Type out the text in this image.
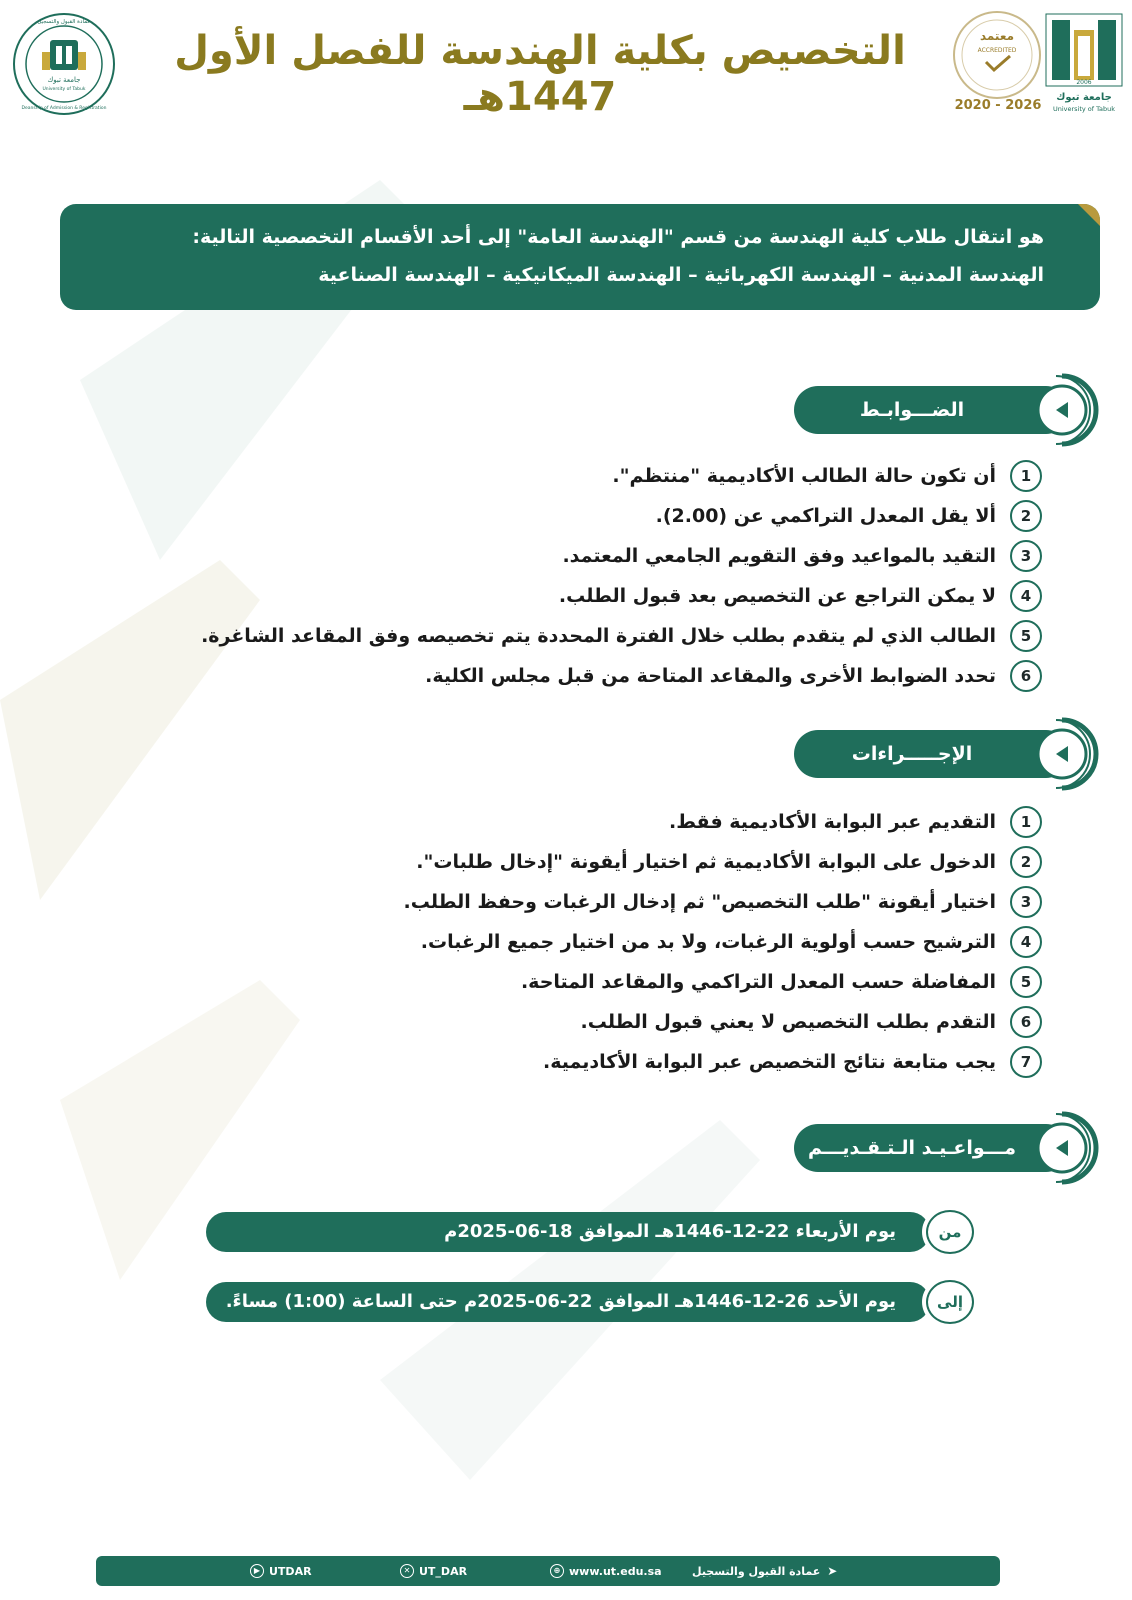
جامعة تبوك
University of Tabuk
عمادة القبول والتسجيل
Deanship of Admission & Registration
التخصيص بكلية الهندسة للفصل الأول 1447هـ
معتمد
ACCREDITED
2020 - 2026
2006
جامعة تبوك
University of Tabuk
هو انتقال طلاب كلية الهندسة من قسم "الهندسة العامة" إلى أحد الأقسام التخصصية التالية:
الهندسة المدنية – الهندسة الكهربائية – الهندسة الميكانيكية – الهندسة الصناعية
الضـــوابـط
1
أن تكون حالة الطالب الأكاديمية "منتظم".
2
ألا يقل المعدل التراكمي عن (2.00).
3
التقيد بالمواعيد وفق التقويم الجامعي المعتمد.
4
لا يمكن التراجع عن التخصيص بعد قبول الطلب.
5
الطالب الذي لم يتقدم بطلب خلال الفترة المحددة يتم تخصيصه وفق المقاعد الشاغرة.
6
تحدد الضوابط الأخرى والمقاعد المتاحة من قبل مجلس الكلية.
الإجـــــراءات
1
التقديم عبر البوابة الأكاديمية فقط.
2
الدخول على البوابة الأكاديمية ثم اختيار أيقونة "إدخال طلبات".
3
اختيار أيقونة "طلب التخصيص" ثم إدخال الرغبات وحفظ الطلب.
4
الترشيح حسب أولوية الرغبات، ولا بد من اختيار جميع الرغبات.
5
المفاضلة حسب المعدل التراكمي والمقاعد المتاحة.
6
التقدم بطلب التخصيص لا يعني قبول الطلب.
7
يجب متابعة نتائج التخصيص عبر البوابة الأكاديمية.
مـــواعـيـد الـتـقـديـــم
يوم الأربعاء 22-12-1446هـ الموافق 18-06-2025م	من
يوم الأحد 26-12-1446هـ الموافق 22-06-2025م حتى الساعة (1:00) مساءً.	إلى
▶ UTDAR	✕ UT_DAR	⊕ www.ut.edu.sa	➤
عمادة القبول والتسجيل
